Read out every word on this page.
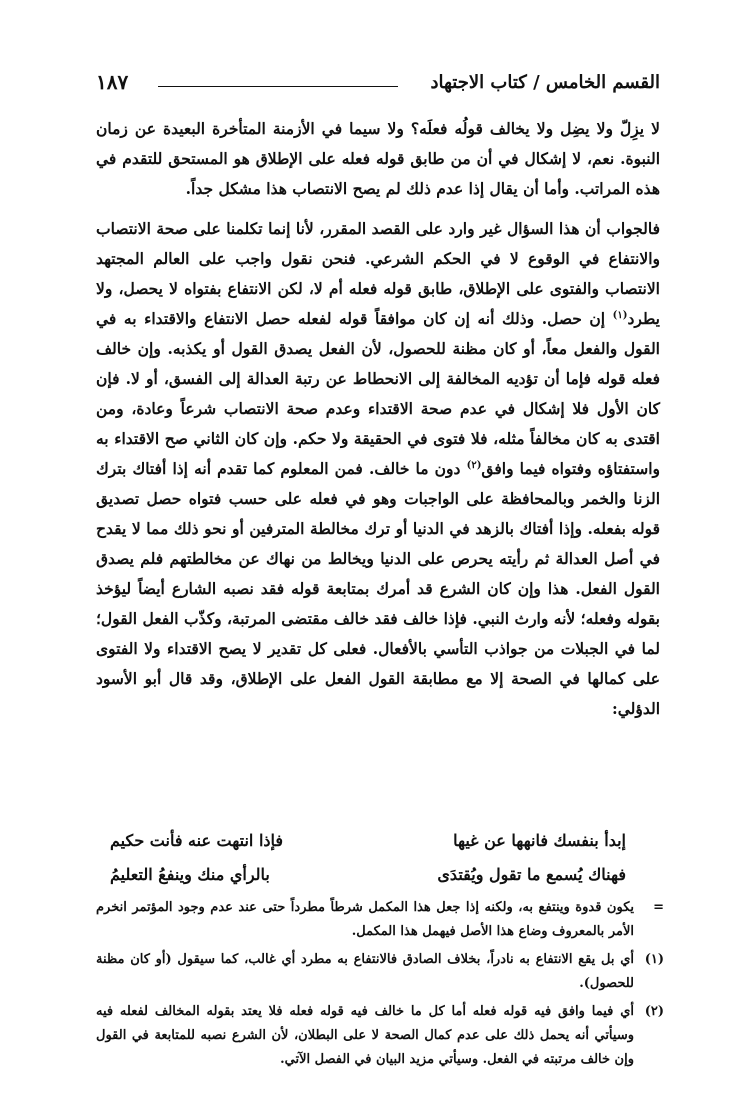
القسم الخامس / كتاب الاجتهاد
١٨٧

لا يزِلّ ولا يضِل ولا يخالف قولُه فعلَه؟ ولا سيما في الأزمنة المتأخرة البعيدة عن زمان النبوة. نعم، لا إشكال في أن من طابق قوله فعله على الإطلاق هو المستحق للتقدم في هذه المراتب. وأما أن يقال إذا عدم ذلك لم يصح الانتصاب هذا مشكل جداً.

فالجواب أن هذا السؤال غير وارد على القصد المقرر، لأنا إنما تكلمنا على صحة الانتصاب والانتفاع في الوقوع لا في الحكم الشرعي. فنحن نقول واجب على العالم المجتهد الانتصاب والفتوى على الإطلاق، طابق قوله فعله أم لا، لكن الانتفاع بفتواه لا يحصل، ولا يطرد$^{(١)}$ إن حصل. وذلك أنه إن كان موافقاً قوله لفعله حصل الانتفاع والاقتداء به في القول والفعل معاً، أو كان مظنة للحصول، لأن الفعل يصدق القول أو يكذبه. وإن خالف فعله قوله فإما أن تؤديه المخالفة إلى الانحطاط عن رتبة العدالة إلى الفسق، أو لا. فإن كان الأول فلا إشكال في عدم صحة الاقتداء وعدم صحة الانتصاب شرعاً وعادة، ومن اقتدى به كان مخالفاً مثله، فلا فتوى في الحقيقة ولا حكم. وإن كان الثاني صح الاقتداء به واستفتاؤه وفتواه فيما وافق$^{(٢)}$ دون ما خالف. فمن المعلوم كما تقدم أنه إذا أفتاك بترك الزنا والخمر وبالمحافظة على الواجبات وهو في فعله على حسب فتواه حصل تصديق قوله بفعله. وإذا أفتاك بالزهد في الدنيا أو ترك مخالطة المترفين أو نحو ذلك مما لا يقدح في أصل العدالة ثم رأيته يحرص على الدنيا ويخالط من نهاك عن مخالطتهم فلم يصدق القول الفعل. هذا وإن كان الشرع قد أمرك بمتابعة قوله فقد نصبه الشارع أيضاً ليؤخذ بقوله وفعله؛ لأنه وارث النبي. فإذا خالف فقد خالف مقتضى المرتبة، وكذّب الفعل القول؛ لما في الجبلات من جواذب التأسي بالأفعال. فعلى كل تقدير لا يصح الاقتداء ولا الفتوى على كمالها في الصحة إلا مع مطابقة القول الفعل على الإطلاق، وقد قال أبو الأسود الدؤلي:

إبدأ بنفسك فانهها عن غيها
فإذا انتهت عنه فأنت حكيم
فهناك يُسمع ما تقول ويُقتدَى
بالرأي منك وينفعُ التعليمُ
=
يكون قدوة وينتفع به، ولكنه إذا جعل هذا المكمل شرطاً مطرداً حتى عند عدم وجود المؤتمر انخرم الأمر بالمعروف وضاع هذا الأصل فيهمل هذا المكمل.
(١)
أي بل يقع الانتفاع به نادراً، بخلاف الصادق فالانتفاع به مطرد أي غالب، كما سيقول (أو كان مظنة للحصول).
(٢)
أي فيما وافق فيه قوله فعله أما كل ما خالف فيه قوله فعله فلا يعتد بقوله المخالف لفعله فيه وسيأتي أنه يحمل ذلك على عدم كمال الصحة لا على البطلان، لأن الشرع نصبه للمتابعة في القول وإن خالف مرتبته في الفعل. وسيأتي مزيد البيان في الفصل الآتي.
